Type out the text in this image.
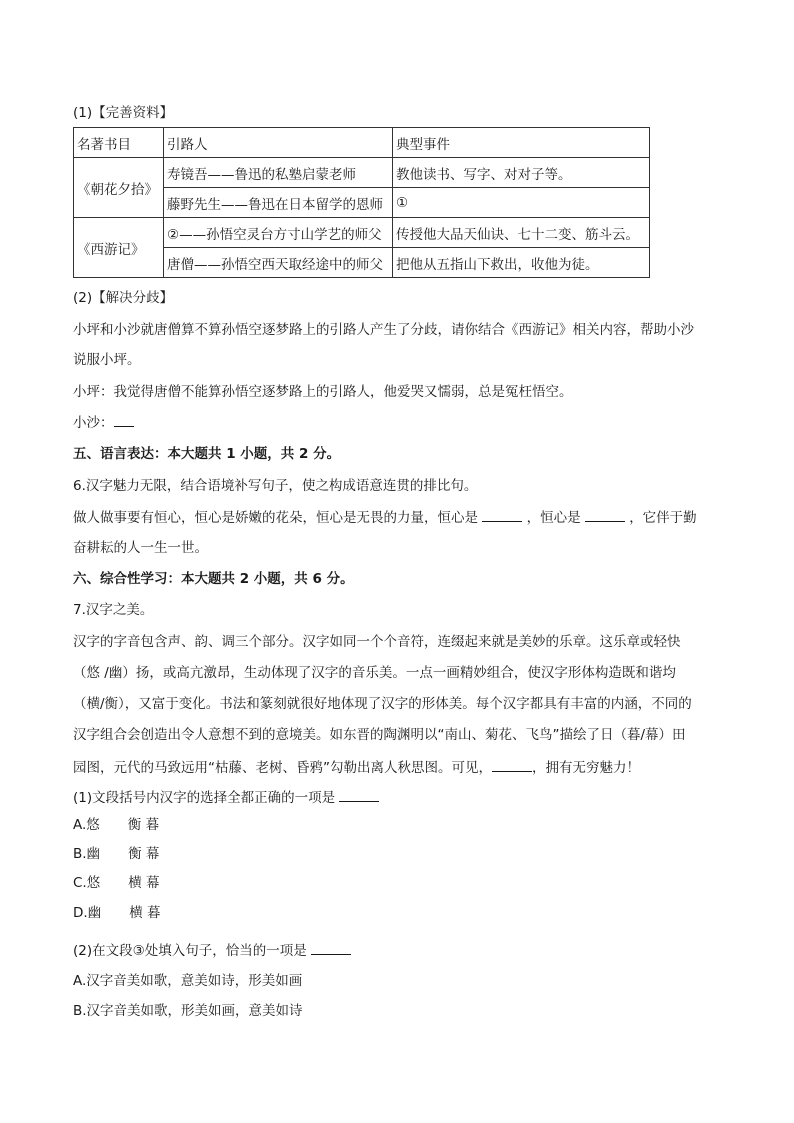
(1)【完善资料】
名著书目	引路人	典型事件
《朝花夕拾》	寿镜吾——鲁迅的私塾启蒙老师	教他读书、写字、对对子等。
	藤野先生——鲁迅在日本留学的恩师	①
《西游记》	②——孙悟空灵台方寸山学艺的师父	传授他大品天仙诀、七十二变、筋斗云。
	唐僧——孙悟空西天取经途中的师父	把他从五指山下救出，收他为徒。
(2)【解决分歧】
小坪和小沙就唐僧算不算孙悟空逐梦路上的引路人产生了分歧，请你结合《西游记》相关内容，帮助小沙
说服小坪。
小坪：我觉得唐僧不能算孙悟空逐梦路上的引路人，他爱哭又懦弱，总是冤枉悟空。
小沙：
五、语言表达：本大题共 1 小题，共 2 分。
6.汉字魅力无限，结合语境补写句子，使之构成语意连贯的排比句。
做人做事要有恒心，恒心是娇嫩的花朵，恒心是无畏的力量，恒心是	，恒心是	，它伴于勤
奋耕耘的人一生一世。
六、综合性学习：本大题共 2 小题，共 6 分。
7.汉字之美。
汉字的字音包含声、韵、调三个部分。汉字如同一个个音符，连缀起来就是美妙的乐章。这乐章或轻快
（悠 /幽）扬，或高亢激昂，生动体现了汉字的音乐美。一点一画精妙组合，使汉字形体构造既和谐均
（横/衡），又富于变化。书法和篆刻就很好地体现了汉字的形体美。每个汉字都具有丰富的内涵，不同的
汉字组合会创造出令人意想不到的意境美。如东晋的陶渊明以“南山、菊花、飞鸟”描绘了日（暮/幕）田
园图，元代的马致远用“枯藤、老树、昏鸦”勾勒出离人秋思图。可见，	，拥有无穷魅力！
(1)文段括号内汉字的选择全都正确的一项是
A.悠 衡 暮
B.幽 衡 幕
C.悠 横 幕
D.幽 横 暮
(2)在文段③处填入句子，恰当的一项是
A.汉字音美如歌，意美如诗，形美如画
B.汉字音美如歌，形美如画，意美如诗
